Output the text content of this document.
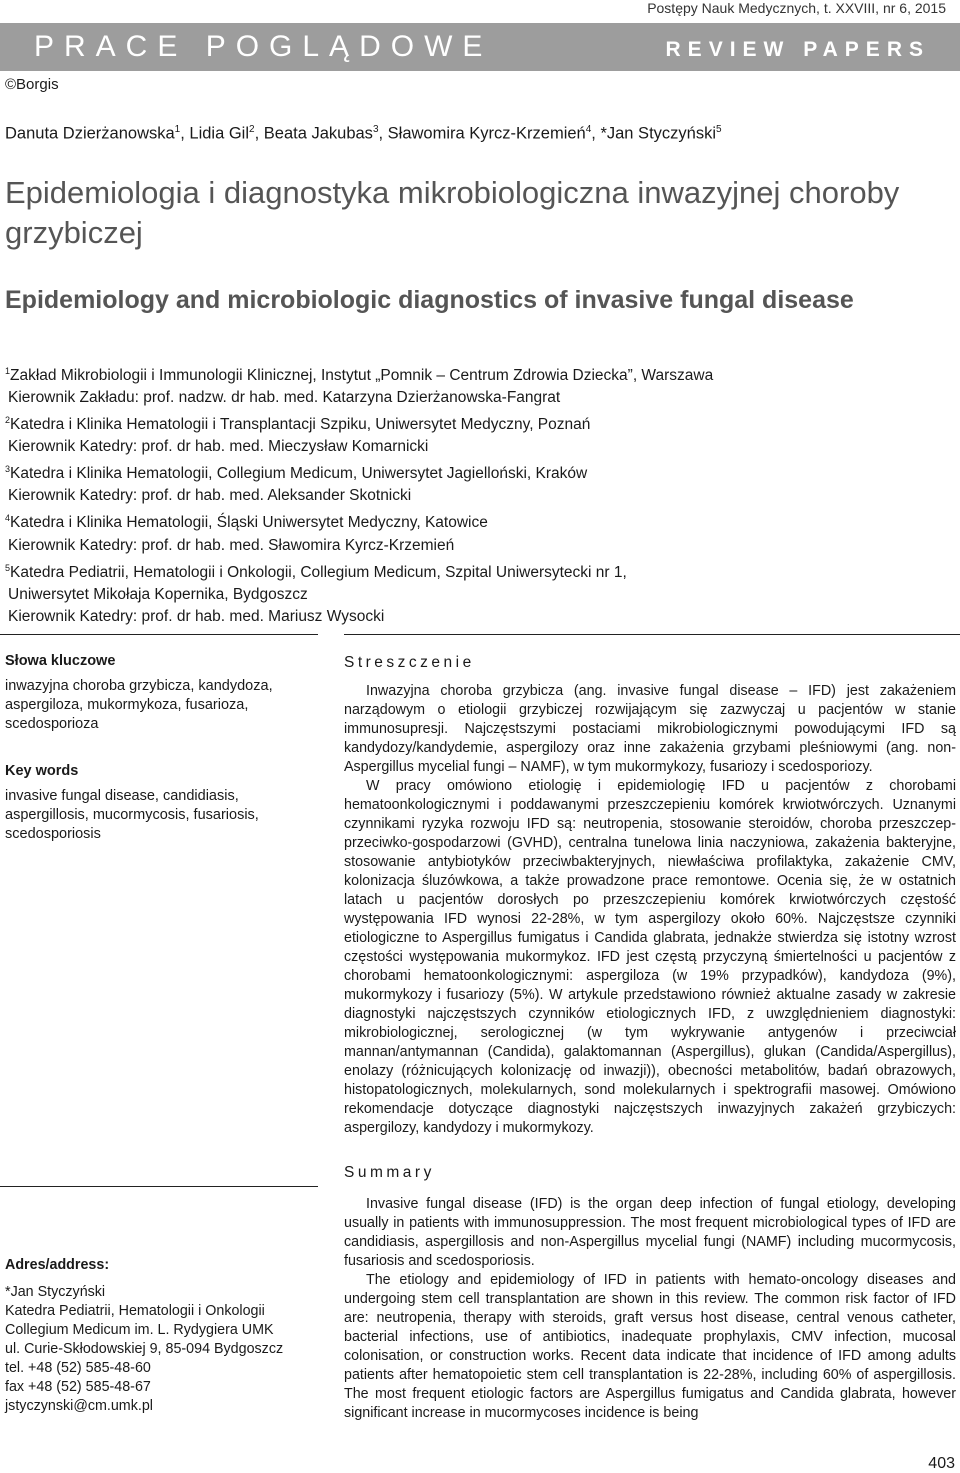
Postępy Nauk Medycznych, t. XXVIII, nr 6, 2015
PRACE POGLĄDOWE	REVIEW PAPERS
©Borgis
Danuta Dzierżanowska$^1$, Lidia Gil$^2$, Beata Jakubas$^3$, Sławomira Kyrcz-Krzemień$^4$, *Jan Styczyński$^5$
Epidemiologia i diagnostyka mikrobiologiczna inwazyjnej choroby grzybiczej
Epidemiology and microbiologic diagnostics of invasive fungal disease
$^1$Zakład Mikrobiologii i Immunologii Klinicznej, Instytut „Pomnik – Centrum Zdrowia Dziecka”, Warszawa
Kierownik Zakładu: prof. nadzw. dr hab. med. Katarzyna Dzierżanowska-Fangrat
$^2$Katedra i Klinika Hematologii i Transplantacji Szpiku, Uniwersytet Medyczny, Poznań
Kierownik Katedry: prof. dr hab. med. Mieczysław Komarnicki
$^3$Katedra i Klinika Hematologii, Collegium Medicum, Uniwersytet Jagielloński, Kraków
Kierownik Katedry: prof. dr hab. med. Aleksander Skotnicki
$^4$Katedra i Klinika Hematologii, Śląski Uniwersytet Medyczny, Katowice
Kierownik Katedry: prof. dr hab. med. Sławomira Kyrcz-Krzemień
$^5$Katedra Pediatrii, Hematologii i Onkologii, Collegium Medicum, Szpital Uniwersytecki nr 1,
Uniwersytet Mikołaja Kopernika, Bydgoszcz
Kierownik Katedry: prof. dr hab. med. Mariusz Wysocki
Słowa kluczowe
inwazyjna choroba grzybicza, kandydoza, aspergiloza, mukormykoza, fusarioza, scedosporioza
Key words
invasive fungal disease, candidiasis, aspergillosis, mucormycosis, fusariosis, scedosporiosis
Streszczenie

Inwazyjna choroba grzybicza (ang. invasive fungal disease – IFD) jest zakażeniem narządowym o etiologii grzybiczej rozwijającym się zazwyczaj u pacjentów w stanie immunosupresji. Najczęstszymi postaciami mikrobiologicznymi powodującymi IFD są kandydozy/kandydemie, aspergilozy oraz inne zakażenia grzybami pleśniowymi (ang. non-Aspergillus mycelial fungi – NAMF), w tym mukormykozy, fusariozy i scedosporiozy.

W pracy omówiono etiologię i epidemiologię IFD u pacjentów z chorobami hematoonkologicznymi i poddawanymi przeszczepieniu komórek krwiotwórczych. Uznanymi czynnikami ryzyka rozwoju IFD są: neutropenia, stosowanie steroidów, choroba przeszczep-przeciwko-gospodarzowi (GVHD), centralna tunelowa linia naczyniowa, zakażenia bakteryjne, stosowanie antybiotyków przeciwbakteryjnych, niewłaściwa profilaktyka, zakażenie CMV, kolonizacja śluzówkowa, a także prowadzone prace remontowe. Ocenia się, że w ostatnich latach u pacjentów dorosłych po przeszczepieniu komórek krwiotwórczych częstość występowania IFD wynosi 22-28%, w tym aspergilozy około 60%. Najczęstsze czynniki etiologiczne to Aspergillus fumigatus i Candida glabrata, jednakże stwierdza się istotny wzrost częstości występowania mukormykoz. IFD jest częstą przyczyną śmiertelności u pacjentów z chorobami hematoonkologicznymi: aspergiloza (w 19% przypadków), kandydoza (9%), mukormykozy i fusariozy (5%). W artykule przedstawiono również aktualne zasady w zakresie diagnostyki najczęstszych czynników etiologicznych IFD, z uwzględnieniem diagnostyki: mikrobiologicznej, serologicznej (w tym wykrywanie antygenów i przeciwciał mannan/antymannan (Candida), galaktomannan (Aspergillus), glukan (Candida/Aspergillus), enolazy (różnicujących kolonizację od inwazji)), obecności metabolitów, badań obrazowych, histopatologicznych, molekularnych, sond molekularnych i spektrografii masowej. Omówiono rekomendacje dotyczące diagnostyki najczęstszych inwazyjnych zakażeń grzybiczych: aspergilozy, kandydozy i mukormykozy.

Summary

Invasive fungal disease (IFD) is the organ deep infection of fungal etiology, developing usually in patients with immunosuppression. The most frequent microbiological types of IFD are candidiasis, aspergillosis and non-Aspergillus mycelial fungi (NAMF) including mucormycosis, fusariosis and scedosporiosis.

The etiology and epidemiology of IFD in patients with hemato-oncology diseases and undergoing stem cell transplantation are shown in this review. The common risk factor of IFD are: neutropenia, therapy with steroids, graft versus host disease, central venous catheter, bacterial infections, use of antibiotics, inadequate prophylaxis, CMV infection, mucosal colonisation, or construction works. Recent data indicate that incidence of IFD among adults patients after hematopoietic stem cell transplantation is 22-28%, including 60% of aspergillosis. The most frequent etiologic factors are Aspergillus fumigatus and Candida glabrata, however significant increase in mucormycoses incidence is being

Adres/address:
*Jan Styczyński
Katedra Pediatrii, Hematologii i Onkologii
Collegium Medicum im. L. Rydygiera UMK
ul. Curie-Skłodowskiej 9, 85-094 Bydgoszcz
tel. +48 (52) 585-48-60
fax +48 (52) 585-48-67
jstyczynski@cm.umk.pl
403
